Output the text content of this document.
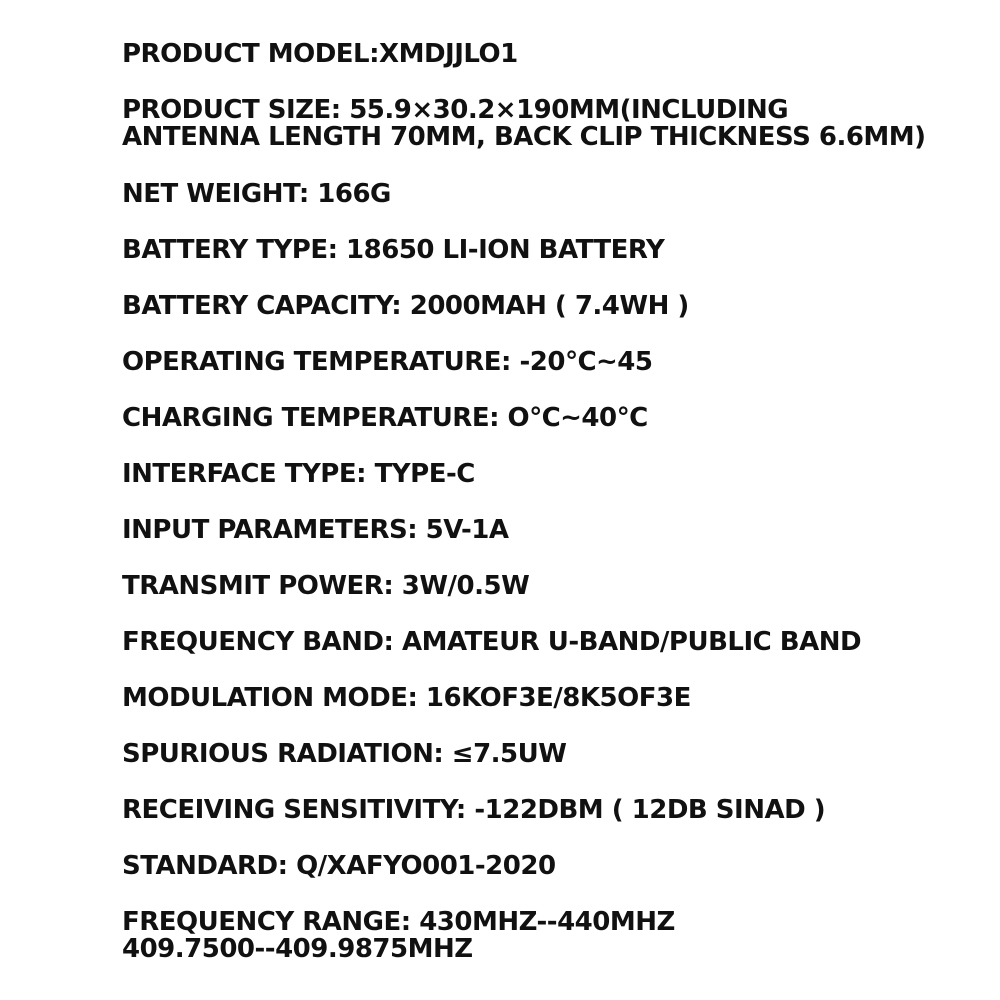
PRODUCT MODEL:XMDJJLO1

PRODUCT SIZE: 55.9×30.2×190MM(INCLUDING
ANTENNA LENGTH 70MM, BACK CLIP THICKNESS 6.6MM)

NET WEIGHT: 166G

BATTERY TYPE: 18650 LI-ION BATTERY

BATTERY CAPACITY: 2000MAH ( 7.4WH )

OPERATING TEMPERATURE: -20℃~45

CHARGING TEMPERATURE: O℃~40℃

INTERFACE TYPE: TYPE-C

INPUT PARAMETERS: 5V-1A

TRANSMIT POWER: 3W/0.5W

FREQUENCY BAND: AMATEUR U-BAND/PUBLIC BAND

MODULATION MODE: 16KOF3E/8K5OF3E

SPURIOUS RADIATION: ≤7.5UW

RECEIVING SENSITIVITY: -122DBM ( 12DB SINAD )

STANDARD: Q/XAFYO001-2020

FREQUENCY RANGE: 430MHZ--440MHZ
409.7500--409.9875MHZ
